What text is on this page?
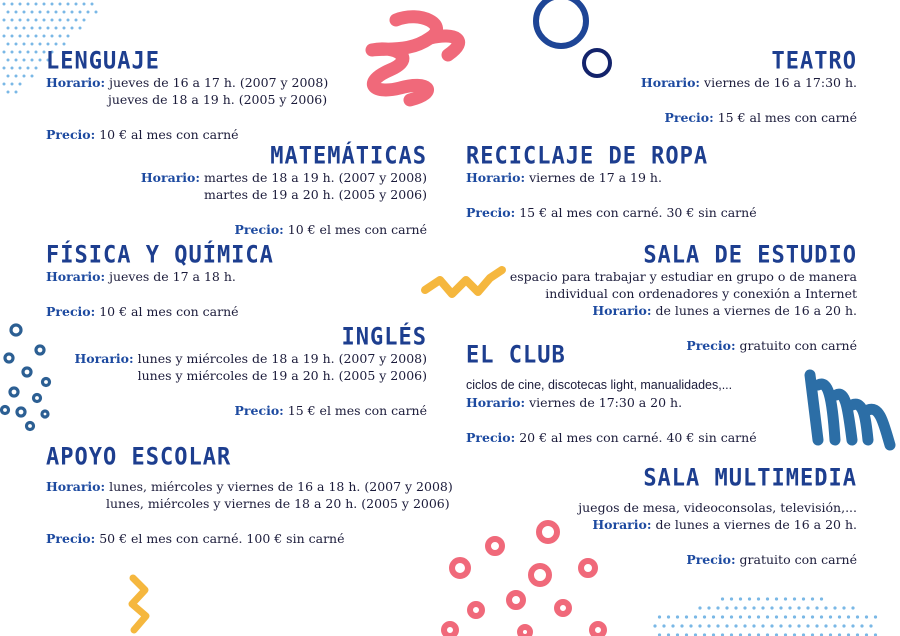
LENGUAJE
Horario: jueves de 16 a 17 h. (2007 y 2008)
jueves de 18 a 19 h. (2005 y 2006)
Precio: 10 € al mes con carné
MATEMÁTICAS
Horario: martes de 18 a 19 h. (2007 y 2008)
martes de 19 a 20 h. (2005 y 2006)
Precio: 10 € el mes con carné
FÍSICA Y QUÍMICA
Horario: jueves de 17 a 18 h.
Precio: 10 € al mes con carné
INGLÉS
Horario: lunes y miércoles de 18 a 19 h. (2007 y 2008)
lunes y miércoles de 19 a 20 h. (2005 y 2006)
Precio: 15 € el mes con carné
APOYO ESCOLAR
Horario: lunes, miércoles y viernes de 16 a 18 h. (2007 y 2008)
lunes, miércoles y viernes de 18 a 20 h. (2005 y 2006)
Precio: 50 € el mes con carné. 100 € sin carné
TEATRO
Horario: viernes de 16 a 17:30 h.
Precio: 15 € al mes con carné
RECICLAJE DE ROPA
Horario: viernes de 17 a 19 h.
Precio: 15 € al mes con carné. 30 € sin carné
SALA DE ESTUDIO
espacio para trabajar y estudiar en grupo o de manera
individual con ordenadores y conexión a Internet
Horario: de lunes a viernes de 16 a 20 h.
Precio: gratuito con carné
EL CLUB
ciclos de cine, discotecas light, manualidades,...
Horario: viernes de 17:30 a 20 h.
Precio: 20 € al mes con carné. 40 € sin carné
SALA MULTIMEDIA
juegos de mesa, videoconsolas, televisión,...
Horario: de lunes a viernes de 16 a 20 h.
Precio: gratuito con carné
